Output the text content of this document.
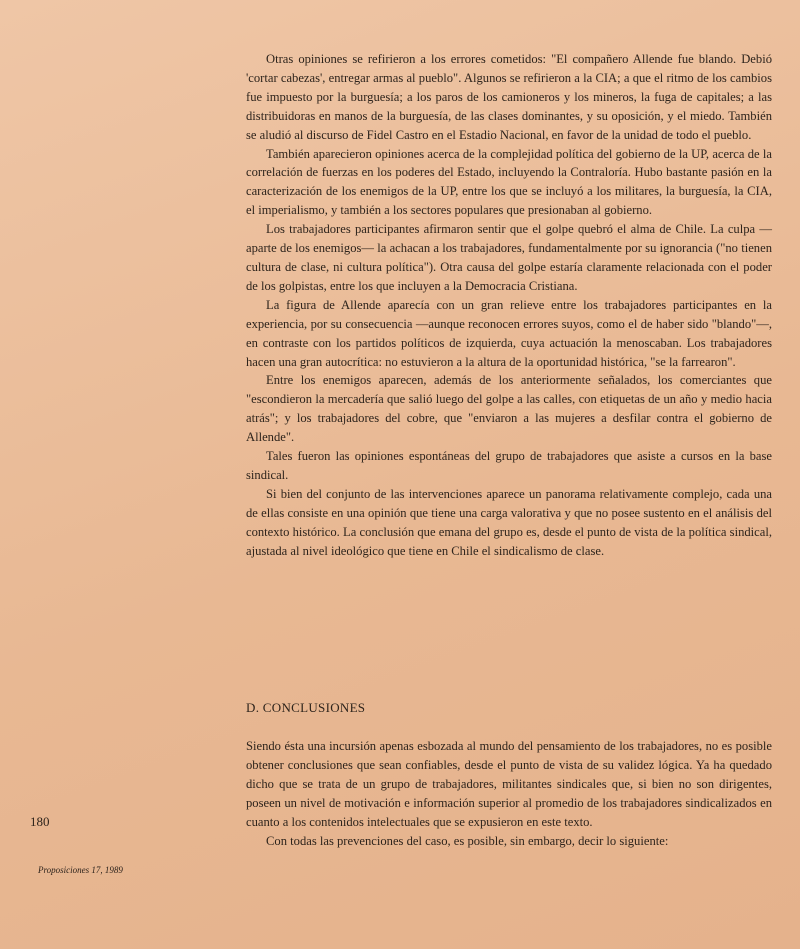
Otras opiniones se refirieron a los errores cometidos: "El compañero Allende fue blando. Debió 'cortar cabezas', entregar armas al pueblo". Algunos se refirieron a la CIA; a que el ritmo de los cambios fue impuesto por la burguesía; a los paros de los camioneros y los mineros, la fuga de capitales; a las distribuidoras en manos de la burguesía, de las clases dominantes, y su oposición, y el miedo. También se aludió al discurso de Fidel Castro en el Estadio Nacional, en favor de la unidad de todo el pueblo.

También aparecieron opiniones acerca de la complejidad política del gobierno de la UP, acerca de la correlación de fuerzas en los poderes del Estado, incluyendo la Contraloría. Hubo bastante pasión en la caracterización de los enemigos de la UP, entre los que se incluyó a los militares, la burguesía, la CIA, el imperialismo, y también a los sectores populares que presionaban al gobierno.

Los trabajadores participantes afirmaron sentir que el golpe quebró el alma de Chile. La culpa —aparte de los enemigos— la achacan a los trabajadores, fundamentalmente por su ignorancia ("no tienen cultura de clase, ni cultura política"). Otra causa del golpe estaría claramente relacionada con el poder de los golpistas, entre los que incluyen a la Democracia Cristiana.

La figura de Allende aparecía con un gran relieve entre los trabajadores participantes en la experiencia, por su consecuencia —aunque reconocen errores suyos, como el de haber sido "blando"—, en contraste con los partidos políticos de izquierda, cuya actuación la menoscaban. Los trabajadores hacen una gran autocrítica: no estuvieron a la altura de la oportunidad histórica, "se la farrearon".

Entre los enemigos aparecen, además de los anteriormente señalados, los comerciantes que "escondieron la mercadería que salió luego del golpe a las calles, con etiquetas de un año y medio hacia atrás"; y los trabajadores del cobre, que "enviaron a las mujeres a desfilar contra el gobierno de Allende".

Tales fueron las opiniones espontáneas del grupo de trabajadores que asiste a cursos en la base sindical.

Si bien del conjunto de las intervenciones aparece un panorama relativamente complejo, cada una de ellas consiste en una opinión que tiene una carga valorativa y que no posee sustento en el análisis del contexto histórico. La conclusión que emana del grupo es, desde el punto de vista de la política sindical, ajustada al nivel ideológico que tiene en Chile el sindicalismo de clase.

D. CONCLUSIONES

Siendo ésta una incursión apenas esbozada al mundo del pensamiento de los trabajadores, no es posible obtener conclusiones que sean confiables, desde el punto de vista de su validez lógica. Ya ha quedado dicho que se trata de un grupo de trabajadores, militantes sindicales que, si bien no son dirigentes, poseen un nivel de motivación e información superior al promedio de los trabajadores sindicalizados en cuanto a los contenidos intelectuales que se expusieron en este texto.

Con todas las prevenciones del caso, es posible, sin embargo, decir lo siguiente:

180
Proposiciones 17, 1989
